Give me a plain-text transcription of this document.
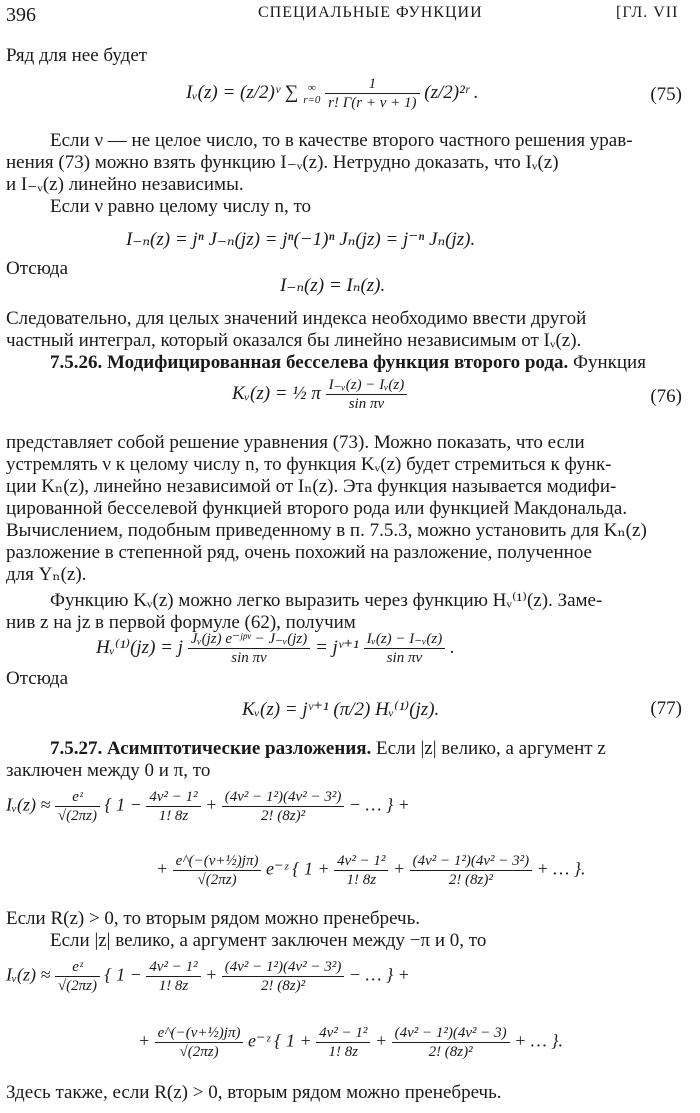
396	СПЕЦИАЛЬНЫЕ ФУНКЦИИ	[ГЛ. VII
Ряд для нее будет
Iᵥ(z) = (z/2)ᵛ ∑ ∞
r=0
$\frac{1}{r! \Gamma(r + \nu + 1)}$ (z/2)²ʳ .	(75)
Если ν — не целое число, то в качестве второго частного решения урав-
нения (73) можно взять функцию I₋ᵥ(z). Нетрудно доказать, что Iᵥ(z)
и I₋ᵥ(z) линейно независимы.
Если ν равно целому числу n, то
I₋ₙ(z) = jⁿ J₋ₙ(jz) = jⁿ(−1)ⁿ Jₙ(jz) = j⁻ⁿ Jₙ(jz).
Отсюда
I₋ₙ(z) = Iₙ(z).
Следовательно, для целых значений индекса необходимо ввести другой
частный интеграл, который оказался бы линейно независимым от Iᵥ(z).
7.5.26. Модифицированная бесселева функция второго рода. Функция
Kᵥ(z) = ½ π $\frac{\text{I₋ᵥ(z) − Iᵥ(z)}}{\text{sin πν}}$	(76)
представляет собой решение уравнения (73). Можно показать, что если
устремлять ν к целому числу n, то функция Kᵥ(z) будет стремиться к функ-
ции Kₙ(z), линейно независимой от Iₙ(z). Эта функция называется модифи-
цированной бесселевой функцией второго рода или функцией Макдональда.
Вычислением, подобным приведенному в п. 7.5.3, можно установить для Kₙ(z)
разложение в степенной ряд, очень похожий на разложение, полученное
для Yₙ(z).
Функцию Kᵥ(z) можно легко выразить через функцию Hᵥ⁽¹⁾(z). Заме-
нив z на jz в первой формуле (62), получим
Hᵥ⁽¹⁾(jz) = j $\frac{\text{Jᵥ(jz) e⁻ʲᵖᵛ − J₋ᵥ(jz)}}{\text{sin πν}}$ = jᵛ⁺¹ $\frac{\text{Iᵥ(z) − I₋ᵥ(z)}}{\text{sin πν}}$ .
Отсюда
Kᵥ(z) = jᵛ⁺¹ (π/2) Hᵥ⁽¹⁾(jz).	(77)
7.5.27. Асимптотические разложения. Если |z| велико, а аргумент z
заключен между 0 и π, то
Iᵥ(z) ≈ $\frac{\text{eᶻ}}{√(2\pi z)}$ { $1 - \frac{\text{4ν² − 1²}}{1! 8z} + \frac{\text{(4ν² − 1²)(4ν² − 3²)}}{\text{2! (8z)²}}$ − … } +
+ $\frac{\text{e\textasciicircum{}(−(ν+½)jπ)}}{√(2\pi z)}$ e⁻ᶻ { $1 + \frac{\text{4ν² − 1²}}{1! 8z} + \frac{\text{(4ν² − 1²)(4ν² − 3²)}}{\text{2! (8z)²}}$ + … }.
Если R(z) > 0, то вторым рядом можно пренебречь.
Если |z| велико, а аргумент заключен между −π и 0, то
Iᵥ(z) ≈ $\frac{\text{eᶻ}}{√(2\pi z)}$ { $1 - \frac{\text{4ν² − 1²}}{1! 8z} + \frac{\text{(4ν² − 1²)(4ν² − 3²)}}{\text{2! (8z)²}}$ − … } +
+ $\frac{\text{e\textasciicircum{}(−(ν+½)jπ)}}{√(2\pi z)}$ e⁻ᶻ { $1 + \frac{\text{4ν² − 1²}}{1! 8z} + \frac{\text{(4ν² − 1²)(4ν² − 3)}}{\text{2! (8z)²}}$ + … }.
Здесь также, если R(z) > 0, вторым рядом можно пренебречь.
